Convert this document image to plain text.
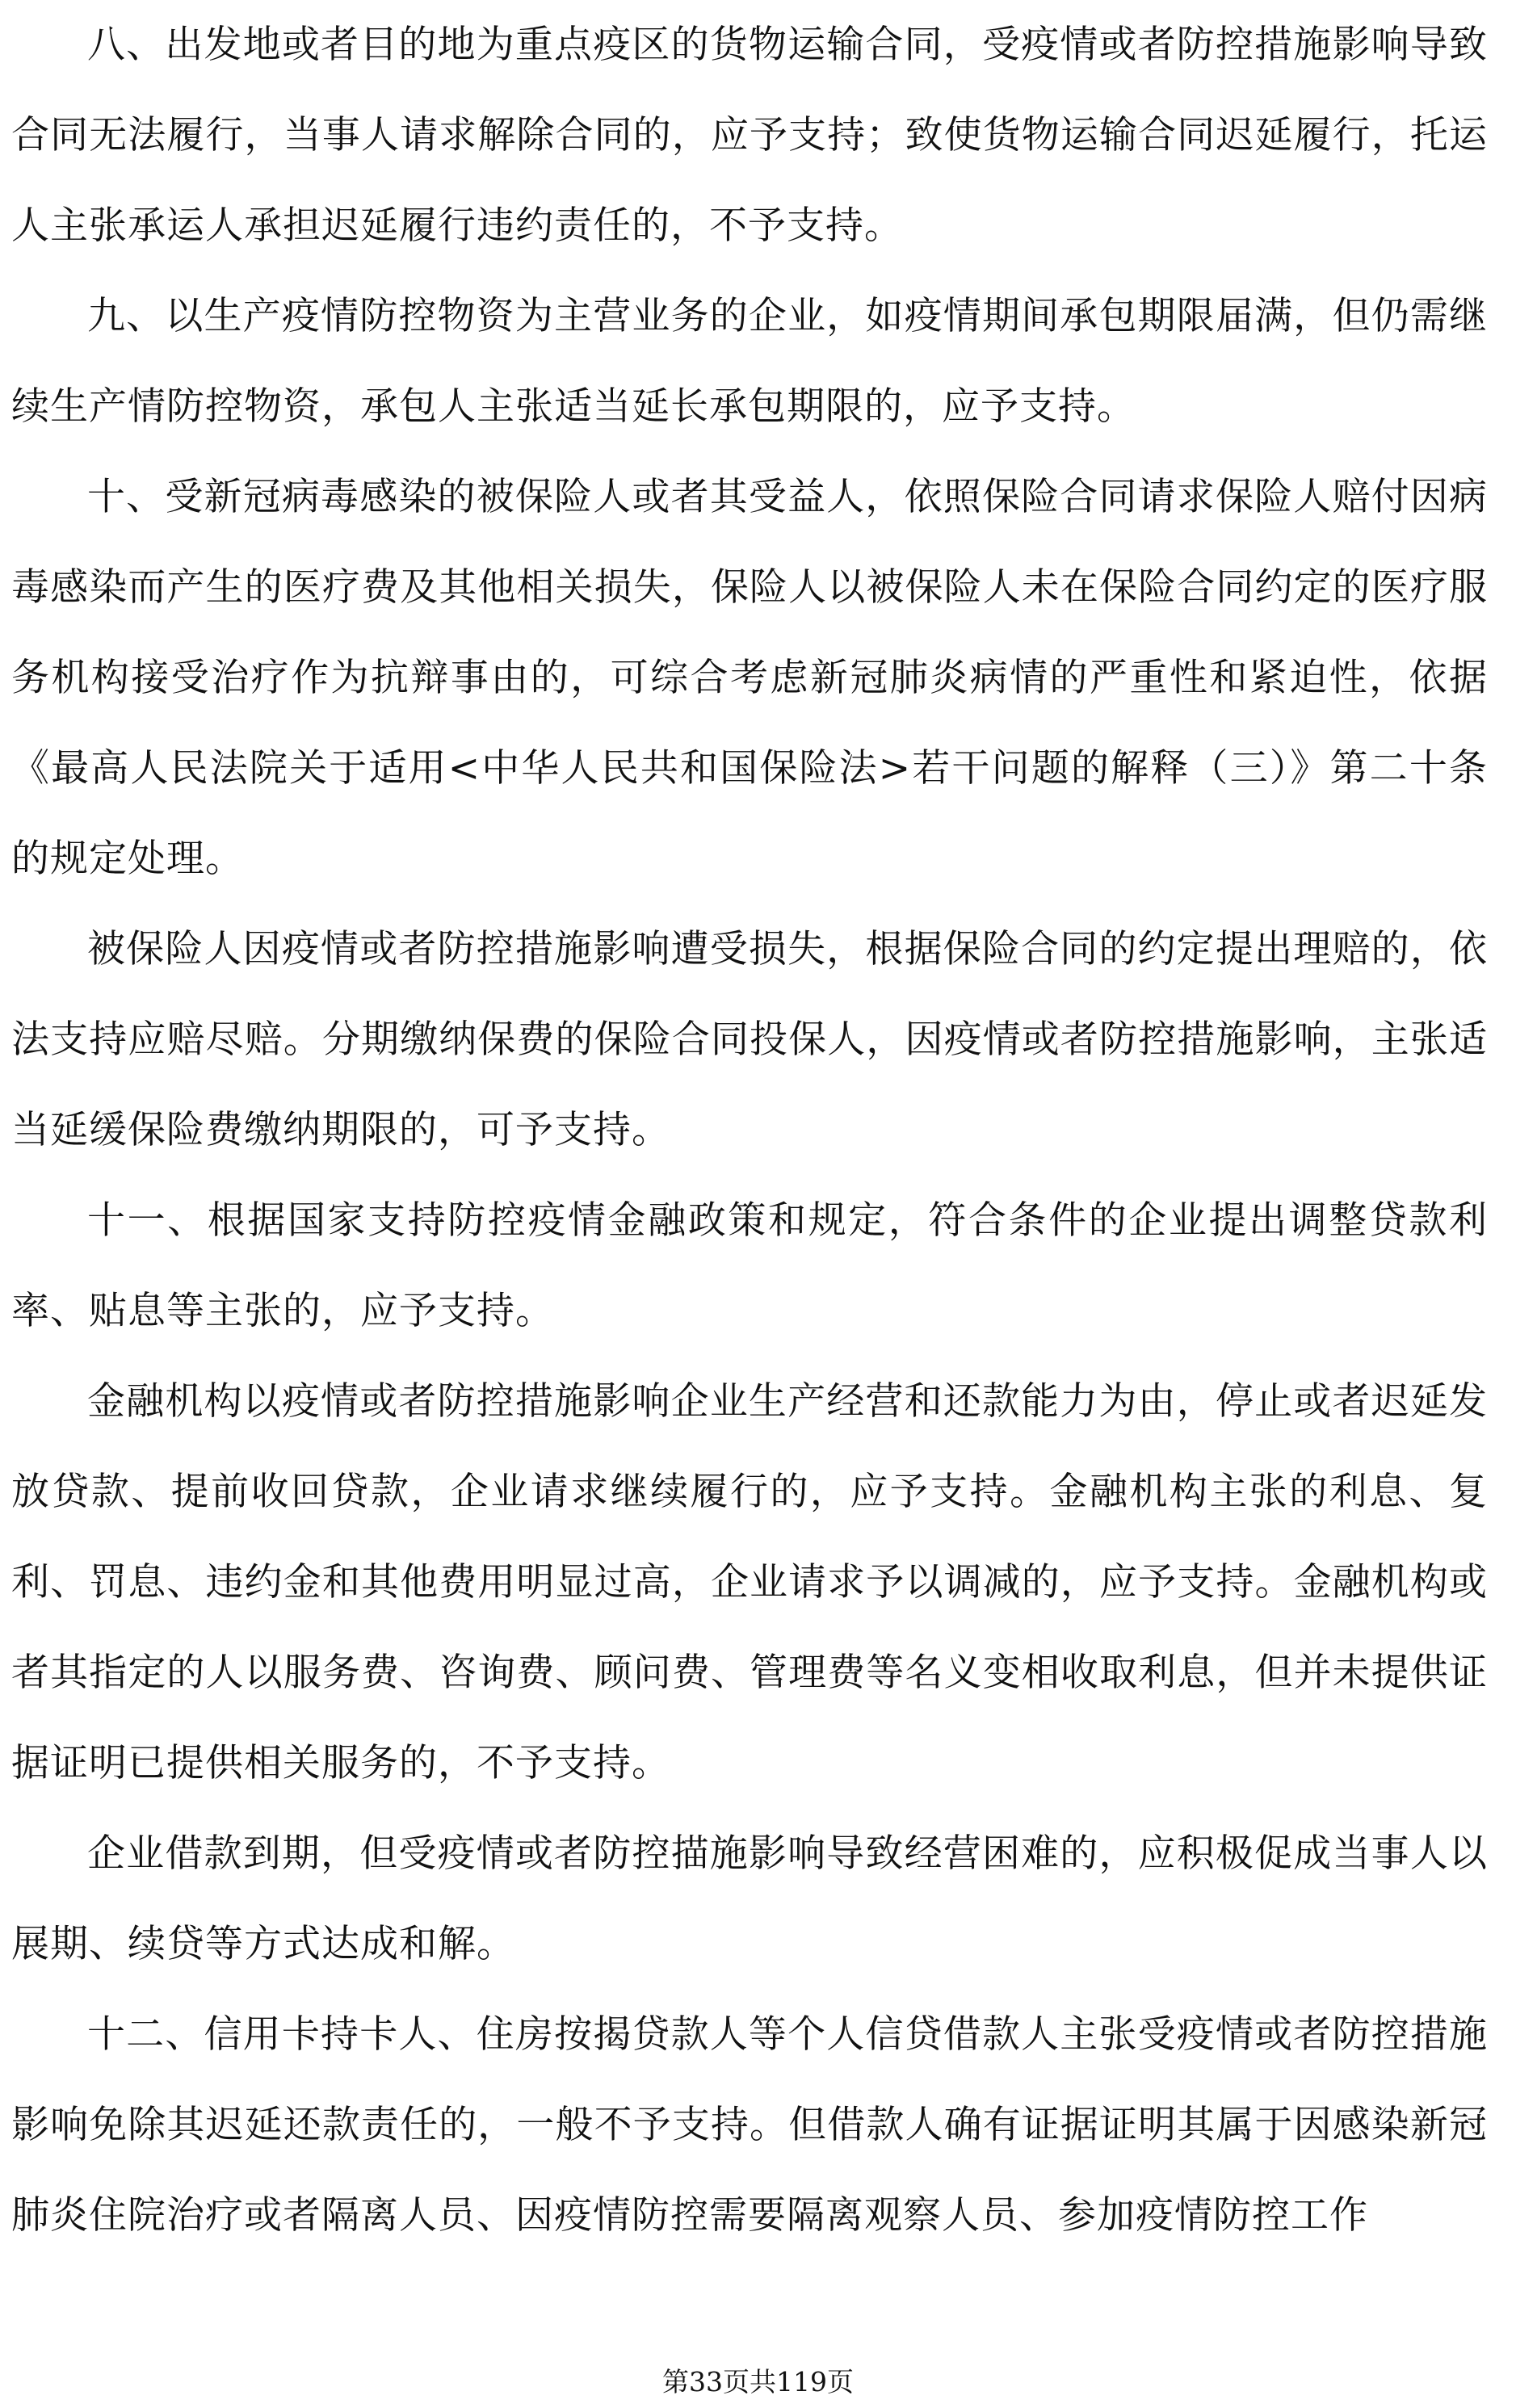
八、出发地或者目的地为重点疫区的货物运输合同，受疫情或者防控措施影响导致合同无法履行，当事人请求解除合同的，应予支持；致使货物运输合同迟延履行，托运人主张承运人承担迟延履行违约责任的，不予支持。

九、以生产疫情防控物资为主营业务的企业，如疫情期间承包期限届满，但仍需继续生产情防控物资，承包人主张适当延长承包期限的，应予支持。

十、受新冠病毒感染的被保险人或者其受益人，依照保险合同请求保险人赔付因病毒感染而产生的医疗费及其他相关损失，保险人以被保险人未在保险合同约定的医疗服务机构接受治疗作为抗辩事由的，可综合考虑新冠肺炎病情的严重性和紧迫性，依据《最高人民法院关于适用<中华人民共和国保险法>若干问题的解释（三）》第二十条的规定处理。

被保险人因疫情或者防控措施影响遭受损失，根据保险合同的约定提出理赔的，依法支持应赔尽赔。分期缴纳保费的保险合同投保人，因疫情或者防控措施影响，主张适当延缓保险费缴纳期限的，可予支持。

十一、根据国家支持防控疫情金融政策和规定，符合条件的企业提出调整贷款利率、贴息等主张的，应予支持。

金融机构以疫情或者防控措施影响企业生产经营和还款能力为由，停止或者迟延发放贷款、提前收回贷款，企业请求继续履行的，应予支持。金融机构主张的利息、复利、罚息、违约金和其他费用明显过高，企业请求予以调减的，应予支持。金融机构或者其指定的人以服务费、咨询费、顾问费、管理费等名义变相收取利息，但并未提供证据证明已提供相关服务的，不予支持。

企业借款到期，但受疫情或者防控描施影响导致经营困难的，应积极促成当事人以展期、续贷等方式达成和解。

十二、信用卡持卡人、住房按揭贷款人等个人信贷借款人主张受疫情或者防控措施影响免除其迟延还款责任的，一般不予支持。但借款人确有证据证明其属于因感染新冠肺炎住院治疗或者隔离人员、因疫情防控需要隔离观察人员、参加疫情防控工作

第33页共119页
